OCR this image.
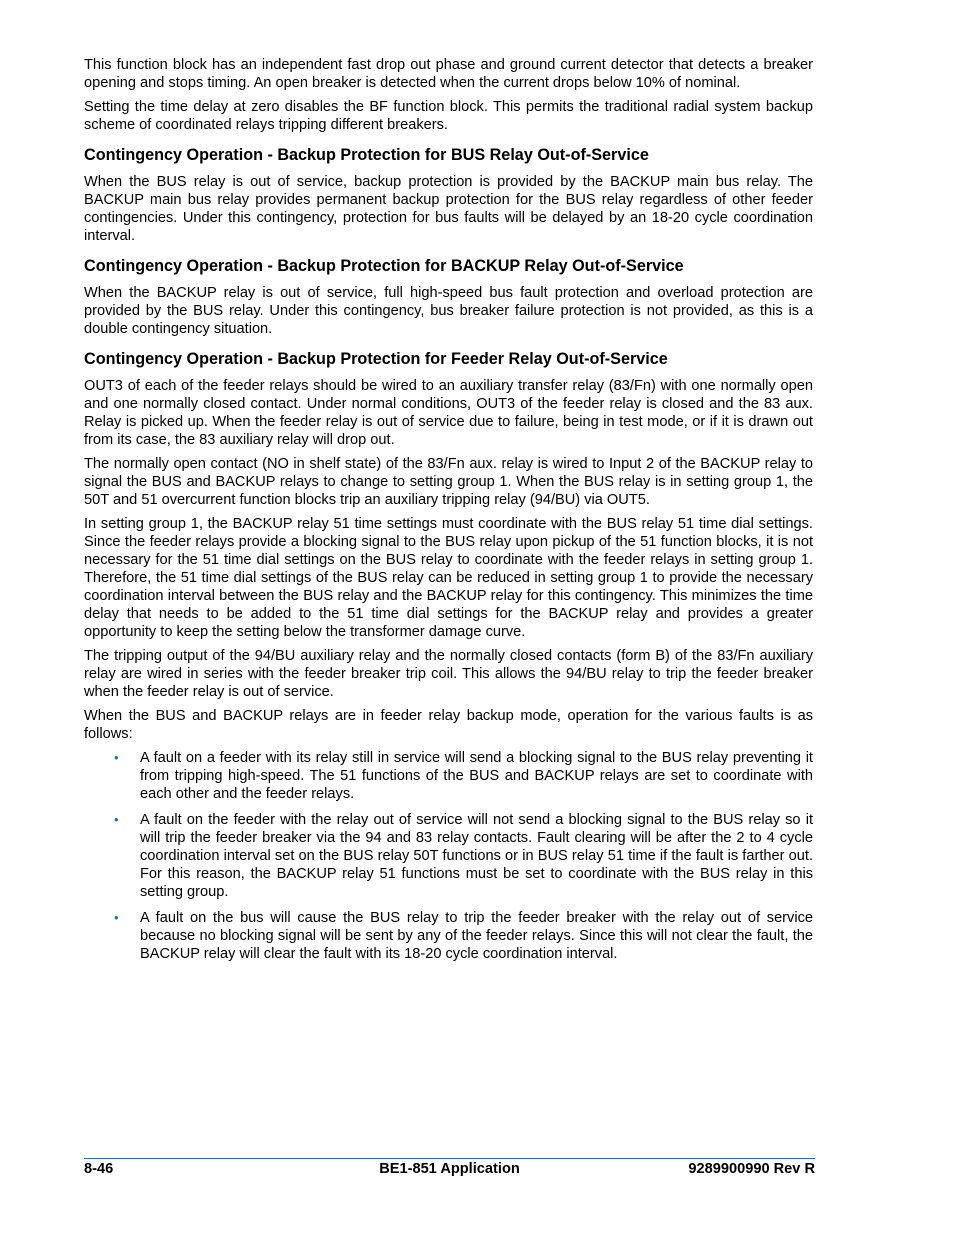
This function block has an independent fast drop out phase and ground current detector that detects a breaker opening and stops timing. An open breaker is detected when the current drops below 10% of nominal.

Setting the time delay at zero disables the BF function block. This permits the traditional radial system backup scheme of coordinated relays tripping different breakers.

Contingency Operation - Backup Protection for BUS Relay Out-of-Service

When the BUS relay is out of service, backup protection is provided by the BACKUP main bus relay. The BACKUP main bus relay provides permanent backup protection for the BUS relay regardless of other feeder contingencies. Under this contingency, protection for bus faults will be delayed by an 18-20 cycle coordination interval.

Contingency Operation - Backup Protection for BACKUP Relay Out-of-Service

When the BACKUP relay is out of service, full high-speed bus fault protection and overload protection are provided by the BUS relay. Under this contingency, bus breaker failure protection is not provided, as this is a double contingency situation.

Contingency Operation - Backup Protection for Feeder Relay Out-of-Service

OUT3 of each of the feeder relays should be wired to an auxiliary transfer relay (83/Fn) with one normally open and one normally closed contact. Under normal conditions, OUT3 of the feeder relay is closed and the 83 aux. Relay is picked up. When the feeder relay is out of service due to failure, being in test mode, or if it is drawn out from its case, the 83 auxiliary relay will drop out.

The normally open contact (NO in shelf state) of the 83/Fn aux. relay is wired to Input 2 of the BACKUP relay to signal the BUS and BACKUP relays to change to setting group 1. When the BUS relay is in setting group 1, the 50T and 51 overcurrent function blocks trip an auxiliary tripping relay (94/BU) via OUT5.

In setting group 1, the BACKUP relay 51 time settings must coordinate with the BUS relay 51 time dial settings. Since the feeder relays provide a blocking signal to the BUS relay upon pickup of the 51 function blocks, it is not necessary for the 51 time dial settings on the BUS relay to coordinate with the feeder relays in setting group 1. Therefore, the 51 time dial settings of the BUS relay can be reduced in setting group 1 to provide the necessary coordination interval between the BUS relay and the BACKUP relay for this contingency. This minimizes the time delay that needs to be added to the 51 time dial settings for the BACKUP relay and provides a greater opportunity to keep the setting below the transformer damage curve.

The tripping output of the 94/BU auxiliary relay and the normally closed contacts (form B) of the 83/Fn auxiliary relay are wired in series with the feeder breaker trip coil. This allows the 94/BU relay to trip the feeder breaker when the feeder relay is out of service.

When the BUS and BACKUP relays are in feeder relay backup mode, operation for the various faults is as follows:

• A fault on a feeder with its relay still in service will send a blocking signal to the BUS relay preventing it from tripping high-speed. The 51 functions of the BUS and BACKUP relays are set to coordinate with each other and the feeder relays.
• A fault on the feeder with the relay out of service will not send a blocking signal to the BUS relay so it will trip the feeder breaker via the 94 and 83 relay contacts. Fault clearing will be after the 2 to 4 cycle coordination interval set on the BUS relay 50T functions or in BUS relay 51 time if the fault is farther out. For this reason, the BACKUP relay 51 functions must be set to coordinate with the BUS relay in this setting group.
• A fault on the bus will cause the BUS relay to trip the feeder breaker with the relay out of service because no blocking signal will be sent by any of the feeder relays. Since this will not clear the fault, the BACKUP relay will clear the fault with its 18-20 cycle coordination interval.
8-46	BE1-851 Application	9289900990 Rev R
